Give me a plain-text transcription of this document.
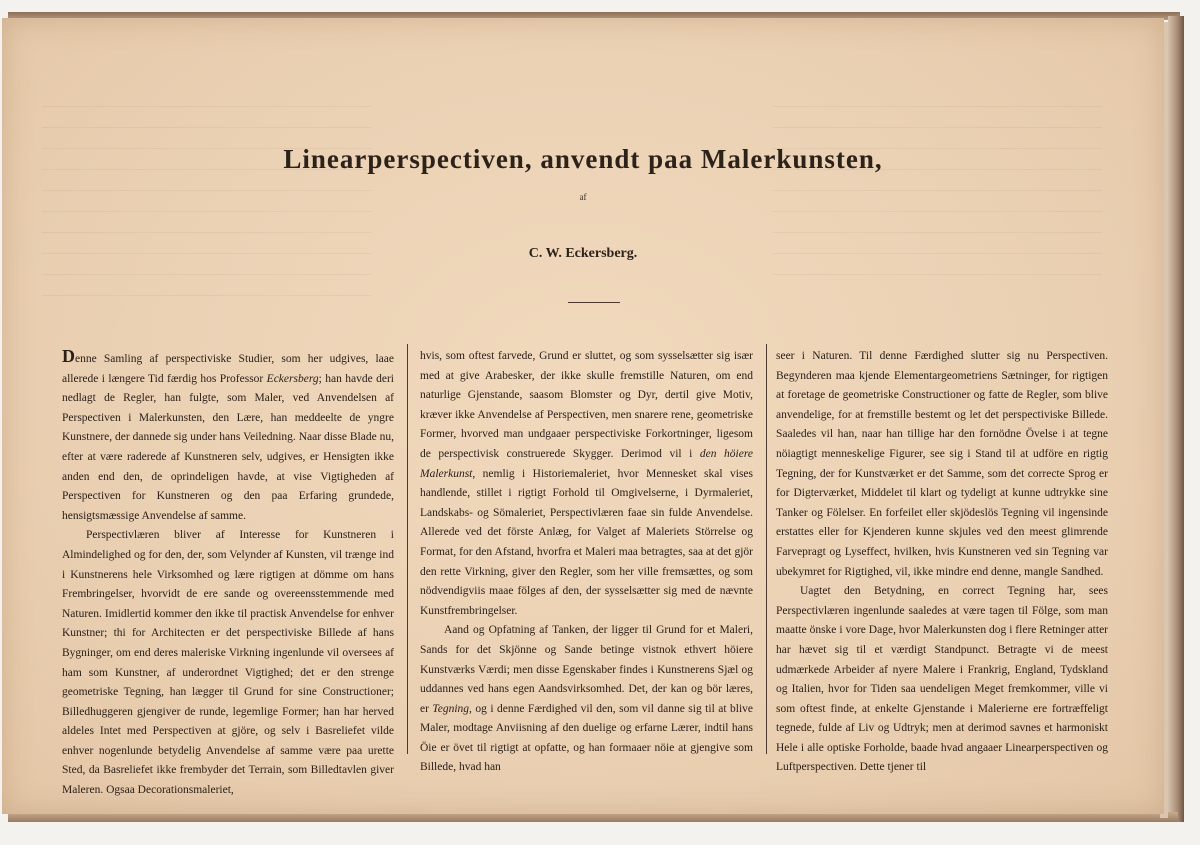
Linearperspectiven, anvendt paa Malerkunsten,
af
C. W. Eckersberg.

Denne Samling af perspectiviske Studier, som her udgives, laae allerede i længere Tid færdig hos Professor Eckersberg; han havde deri nedlagt de Regler, han fulgte, som Maler, ved Anvendelsen af Perspectiven i Malerkunsten, den Lære, han meddeelte de yngre Kunstnere, der dannede sig under hans Veiledning. Naar disse Blade nu, efter at være raderede af Kunstneren selv, udgives, er Hensigten ikke anden end den, de oprindeligen havde, at vise Vigtigheden af Perspectiven for Kunstneren og den paa Erfaring grundede, hensigtsmæssige Anvendelse af samme.

Perspectivlæren bliver af Interesse for Kunstneren i Almindelighed og for den, der, som Velynder af Kunsten, vil trænge ind i Kunstnerens hele Virksomhed og lære rigtigen at dömme om hans Frembringelser, hvorvidt de ere sande og overeensstemmende med Naturen. Imidlertid kommer den ikke til practisk Anvendelse for enhver Kunstner; thi for Architecten er det perspectiviske Billede af hans Bygninger, om end deres maleriske Virkning ingenlunde vil oversees af ham som Kunstner, af underordnet Vigtighed; det er den strenge geometriske Tegning, han lægger til Grund for sine Constructioner; Billedhuggeren gjengiver de runde, legemlige Former; han har herved aldeles Intet med Perspectiven at gjöre, og selv i Basreliefet vilde enhver nogenlunde betydelig Anvendelse af samme være paa urette Sted, da Basreliefet ikke frembyder det Terrain, som Billedtavlen giver Maleren. Ogsaa Decorationsmaleriet,

hvis, som oftest farvede, Grund er sluttet, og som sysselsætter sig især med at give Arabesker, der ikke skulle fremstille Naturen, om end naturlige Gjenstande, saasom Blomster og Dyr, dertil give Motiv, kræver ikke Anvendelse af Perspectiven, men snarere rene, geometriske Former, hvorved man undgaaer perspectiviske Forkortninger, ligesom de perspectivisk construerede Skygger. Derimod vil i den höiere Malerkunst, nemlig i Historiemaleriet, hvor Mennesket skal vises handlende, stillet i rigtigt Forhold til Omgivelserne, i Dyrmaleriet, Landskabs- og Sömaleriet, Perspectivlæren faae sin fulde Anvendelse. Allerede ved det förste Anlæg, for Valget af Maleriets Störrelse og Format, for den Afstand, hvorfra et Maleri maa betragtes, saa at det gjör den rette Virkning, giver den Regler, som her ville fremsættes, og som nödvendigviis maae fölges af den, der sysselsætter sig med de nævnte Kunstfrembringelser.

Aand og Opfatning af Tanken, der ligger til Grund for et Maleri, Sands for det Skjönne og Sande betinge vistnok ethvert höiere Kunstværks Værdi; men disse Egenskaber findes i Kunstnerens Sjæl og uddannes ved hans egen Aandsvirksomhed. Det, der kan og bör læres, er Tegning, og i denne Færdighed vil den, som vil danne sig til at blive Maler, modtage Anviisning af den duelige og erfarne Lærer, indtil hans Öie er övet til rigtigt at opfatte, og han formaaer nöie at gjengive som Billede, hvad han

seer i Naturen. Til denne Færdighed slutter sig nu Perspectiven. Begynderen maa kjende Elementargeometriens Sætninger, for rigtigen at foretage de geometriske Constructioner og fatte de Regler, som blive anvendelige, for at fremstille bestemt og let det perspectiviske Billede. Saaledes vil han, naar han tillige har den fornödne Övelse i at tegne nöiagtigt menneskelige Figurer, see sig i Stand til at udföre en rigtig Tegning, der for Kunstværket er det Samme, som det correcte Sprog er for Digterværket, Middelet til klart og tydeligt at kunne udtrykke sine Tanker og Fölelser. En forfeilet eller skjödeslös Tegning vil ingensinde erstattes eller for Kjenderen kunne skjules ved den meest glimrende Farvepragt og Lyseffect, hvilken, hvis Kunstneren ved sin Tegning var ubekymret for Rigtighed, vil, ikke mindre end denne, mangle Sandhed.

Uagtet den Betydning, en correct Tegning har, sees Perspectivlæren ingenlunde saaledes at være tagen til Fölge, som man maatte önske i vore Dage, hvor Malerkunsten dog i flere Retninger atter har hævet sig til et værdigt Standpunct. Betragte vi de meest udmærkede Arbeider af nyere Malere i Frankrig, England, Tydskland og Italien, hvor for Tiden saa uendeligen Meget fremkommer, ville vi som oftest finde, at enkelte Gjenstande i Malerierne ere fortræffeligt tegnede, fulde af Liv og Udtryk; men at derimod savnes et harmoniskt Hele i alle optiske Forholde, baade hvad angaaer Linearperspectiven og Luftperspectiven. Dette tjener til
